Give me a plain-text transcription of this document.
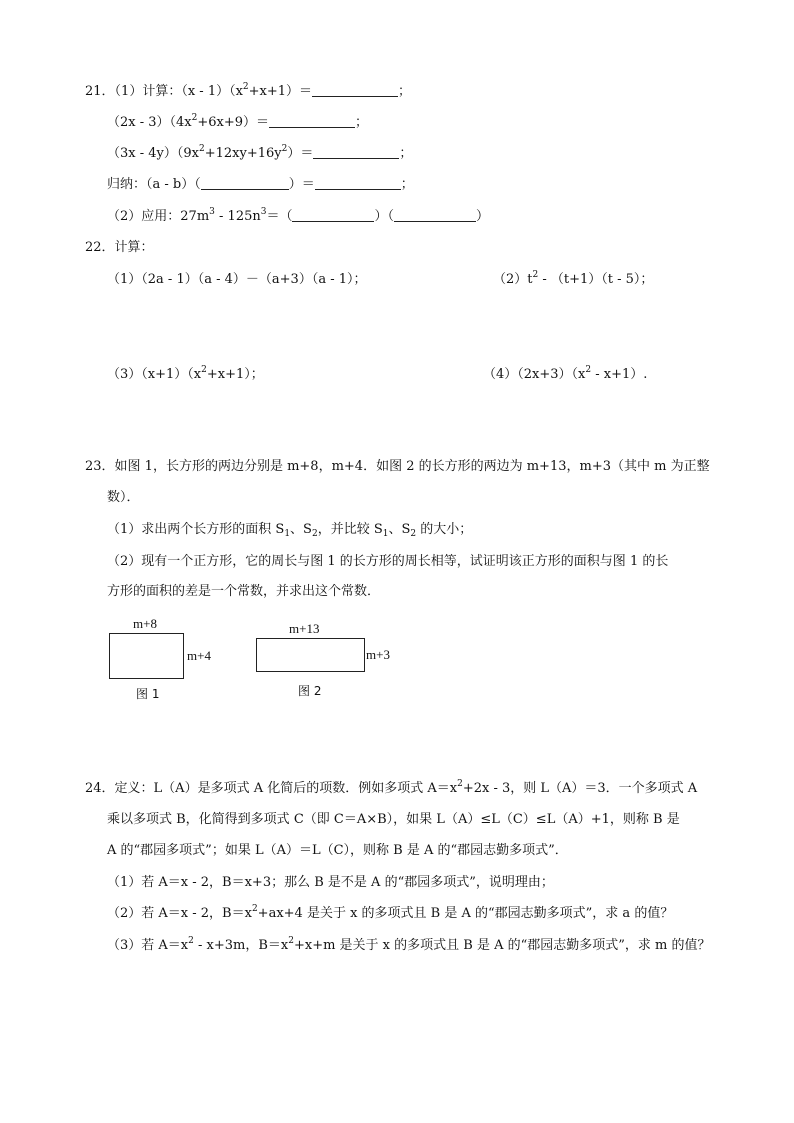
21．（1）计算：$(x - 1)(x^2+x+1)=$	；
$(2x - 3)(4x^2+6x+9)=$	；
$(3x - 4y)(9x^2+12xy+16y^2)=$	；
归纳：（a - b）（	）＝	；
（2）应用：$27m^3 - 125n^3=$（	）（	）
22．计算：
（1）（2a - 1）（a - 4）－（a+3）（a - 1）；	$(2)t^2 - (t+1)(t - 5)$；
$(3)(x+1)(x^2+x+1)$；	$(4)(2x+3)(x^2 - x+1)$.
23．如图 1，长方形的两边分别是 m+8，m+4．如图 2 的长方形的两边为 m+13，m+3（其中 m 为正整
数）．
（1）求出两个长方形的面积 $S_1$、$S_2$，并比较 $S_1$、$S_2$ 的大小；
（2）现有一个正方形，它的周长与图 1 的长方形的周长相等，试证明该正方形的面积与图 1 的长
方形的面积的差是一个常数，并求出这个常数．
m+8
m+4
图 1
m+13
m+3
图 2
24．定义：L（A）是多项式 A 化简后的项数．例如多项式 $A=x^2+2x - 3$，则 L（A）＝3．一个多项式 A
乘以多项式 B，化简得到多项式 C（即 C＝A×B），如果 L（A）≤L（C）≤L（A）+1，则称 B 是
A 的“郡园多项式”；如果 L（A）＝L（C），则称 B 是 A 的“郡园志勤多项式”．
（1）若 A＝x - 2，B＝x+3；那么 B 是不是 A 的“郡园多项式”，说明理由；
（2）若 A＝x - 2，$B=x^2+ax+4$ 是关于 x 的多项式且 B 是 A 的“郡园志勤多项式”，求 a 的值？
（3）若 $A=x^2 - x+3m$，$B=x^2+x+m$ 是关于 x 的多项式且 B 是 A 的“郡园志勤多项式”，求 m 的值？
